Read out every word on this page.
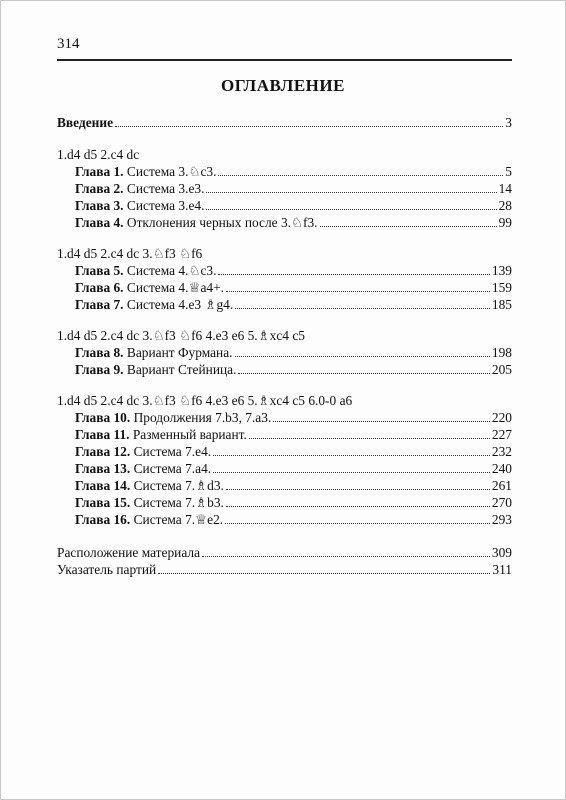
314
ОГЛАВЛЕНИЕ
Введение	3
1.d4 d5 2.c4 dc
Глава 1. Система 3.♘c3.	5
Глава 2. Система 3.e3.	14
Глава 3. Система 3.e4.	28
Глава 4. Отклонения черных после 3.♘f3.	99
1.d4 d5 2.c4 dc 3.♘f3 ♘f6
Глава 5. Система 4.♘c3.	139
Глава 6. Система 4.♕a4+.	159
Глава 7. Система 4.e3 ♗g4.	185
1.d4 d5 2.c4 dc 3.♘f3 ♘f6 4.e3 e6 5.♗xc4 c5
Глава 8. Вариант Фурмана.	198
Глава 9. Вариант Стейница.	205
1.d4 d5 2.c4 dc 3.♘f3 ♘f6 4.e3 e6 5.♗xc4 c5 6.0-0 a6
Глава 10. Продолжения 7.b3, 7.a3.	220
Глава 11. Разменный вариант.	227
Глава 12. Система 7.e4.	232
Глава 13. Система 7.a4.	240
Глава 14. Система 7.♗d3.	261
Глава 15. Система 7.♗b3.	270
Глава 16. Система 7.♕e2.	293
Расположение материала	309
Указатель партий	311
